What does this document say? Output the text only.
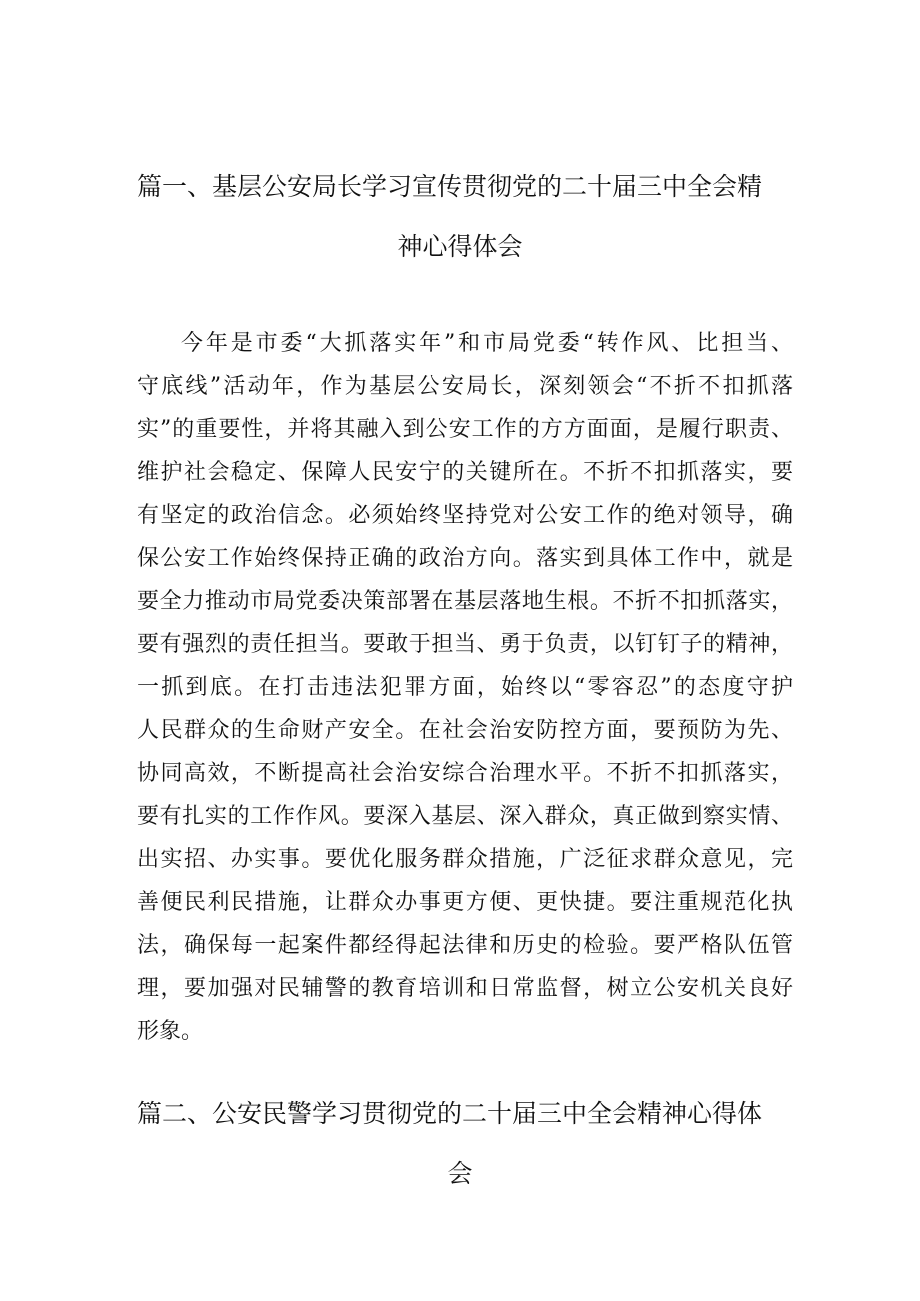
篇一、基层公安局长学习宣传贯彻党的二十届三中全会精
神心得体会
今年是市委“大抓落实年”和市局党委“转作风、比担当、
守底线”活动年，作为基层公安局长，深刻领会“不折不扣抓落
实”的重要性，并将其融入到公安工作的方方面面，是履行职责、
维护社会稳定、保障人民安宁的关键所在。不折不扣抓落实，要
有坚定的政治信念。必须始终坚持党对公安工作的绝对领导，确
保公安工作始终保持正确的政治方向。落实到具体工作中，就是
要全力推动市局党委决策部署在基层落地生根。不折不扣抓落实，
要有强烈的责任担当。要敢于担当、勇于负责，以钉钉子的精神，
一抓到底。在打击违法犯罪方面，始终以“零容忍”的态度守护
人民群众的生命财产安全。在社会治安防控方面，要预防为先、
协同高效，不断提高社会治安综合治理水平。不折不扣抓落实，
要有扎实的工作作风。要深入基层、深入群众，真正做到察实情、
出实招、办实事。要优化服务群众措施，广泛征求群众意见，完
善便民利民措施，让群众办事更方便、更快捷。要注重规范化执
法，确保每一起案件都经得起法律和历史的检验。要严格队伍管
理，要加强对民辅警的教育培训和日常监督，树立公安机关良好
形象。
篇二、公安民警学习贯彻党的二十届三中全会精神心得体
会
